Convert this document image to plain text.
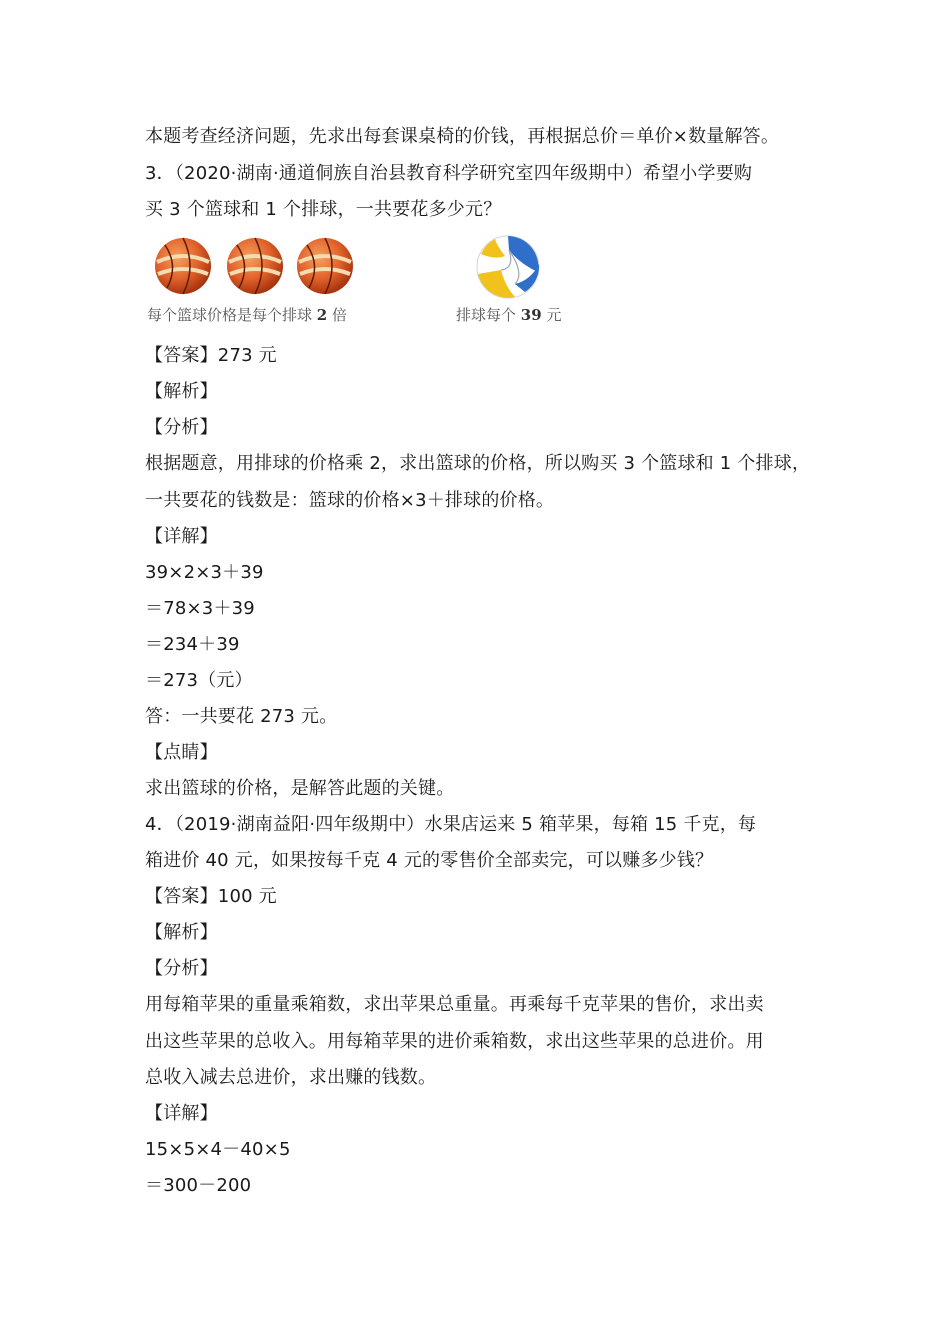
本题考查经济问题，先求出每套课桌椅的价钱，再根据总价＝单价×数量解答。
3．（2020·湖南·通道侗族自治县教育科学研究室四年级期中）希望小学要购
买 3 个篮球和 1 个排球，一共要花多少元？
每个篮球价格是每个排球 2 倍	排球每个 39 元
【答案】273 元
【解析】
【分析】
根据题意，用排球的价格乘 2，求出篮球的价格，所以购买 3 个篮球和 1 个排球，
一共要花的钱数是：篮球的价格×3＋排球的价格。
【详解】
39×2×3＋39
＝78×3＋39
＝234＋39
＝273（元）
答：一共要花 273 元。
【点睛】
求出篮球的价格，是解答此题的关键。
4．（2019·湖南益阳·四年级期中）水果店运来 5 箱苹果，每箱 15 千克，每
箱进价 40 元，如果按每千克 4 元的零售价全部卖完，可以赚多少钱？
【答案】100 元
【解析】
【分析】
用每箱苹果的重量乘箱数，求出苹果总重量。再乘每千克苹果的售价，求出卖
出这些苹果的总收入。用每箱苹果的进价乘箱数，求出这些苹果的总进价。用
总收入减去总进价，求出赚的钱数。
【详解】
15×5×4－40×5
＝300－200
